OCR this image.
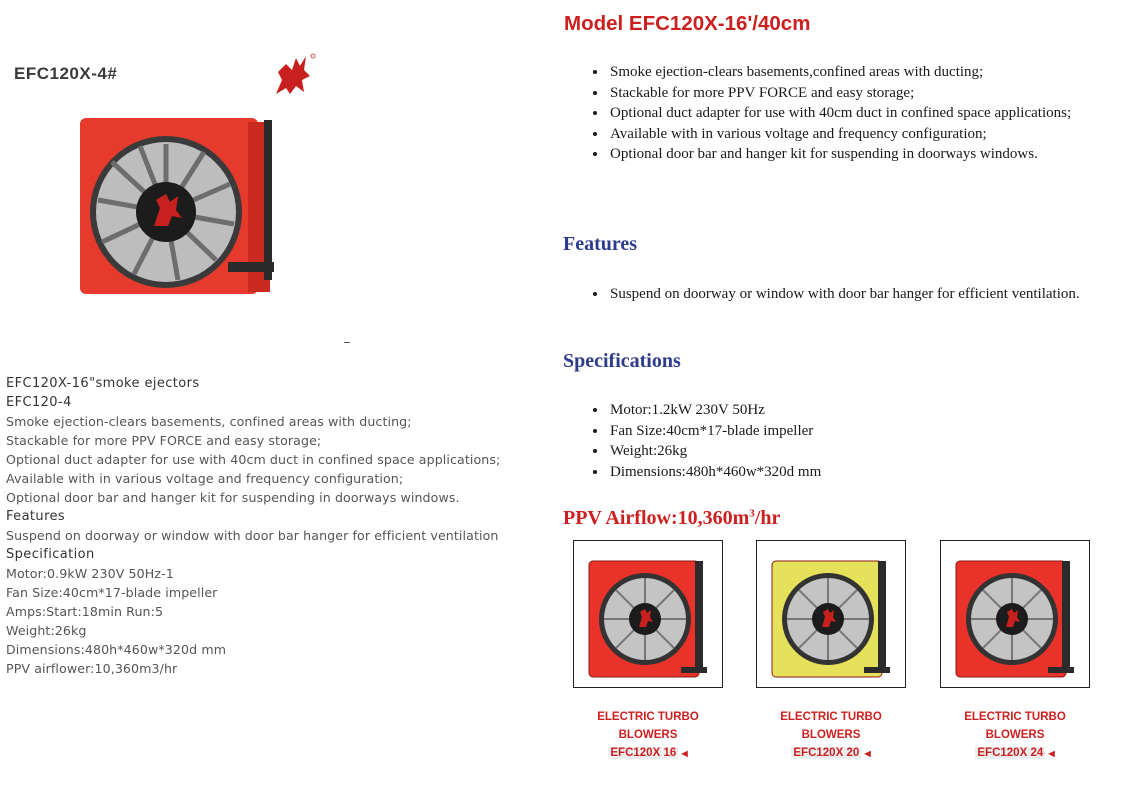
EFC120X-4#
EFC120X-16"smoke ejectors
EFC120-4
Smoke ejection-clears basements, confined areas with ducting;
Stackable for more PPV FORCE and easy storage;
Optional duct adapter for use with 40cm duct in confined space applications;
Available with in various voltage and frequency configuration;
Optional door bar and hanger kit for suspending in doorways windows.
Features
Suspend on doorway or window with door bar hanger for efficient ventilation
Specification
Motor:0.9kW 230V 50Hz-1
Fan Size:40cm*17-blade impeller
Amps:Start:18min Run:5
Weight:26kg
Dimensions:480h*460w*320d mm
PPV airflower:10,360m3/hr
Model EFC120X-16ʹ/40cm
• Smoke ejection-clears basements,confined areas with ducting;
• Stackable for more PPV FORCE and easy storage;
• Optional duct adapter for use with 40cm duct in confined space applications;
• Available with in various voltage and frequency configuration;
• Optional door bar and hanger kit for suspending in doorways windows.
Features
• Suspend on doorway or window with door bar hanger for efficient ventilation.
Specifications
• Motor:1.2kW 230V 50Hz
• Fan Size:40cm*17-blade impeller
• Weight:26kg
• Dimensions:480h*460w*320d mm
PPV $Airflow:10,360m^3/hr$
ELECTRIC TURBO
BLOWERS
EFC120X 16 ◀
ELECTRIC TURBO
BLOWERS
EFC120X 20 ◀
ELECTRIC TURBO
BLOWERS
EFC120X 24 ◀
